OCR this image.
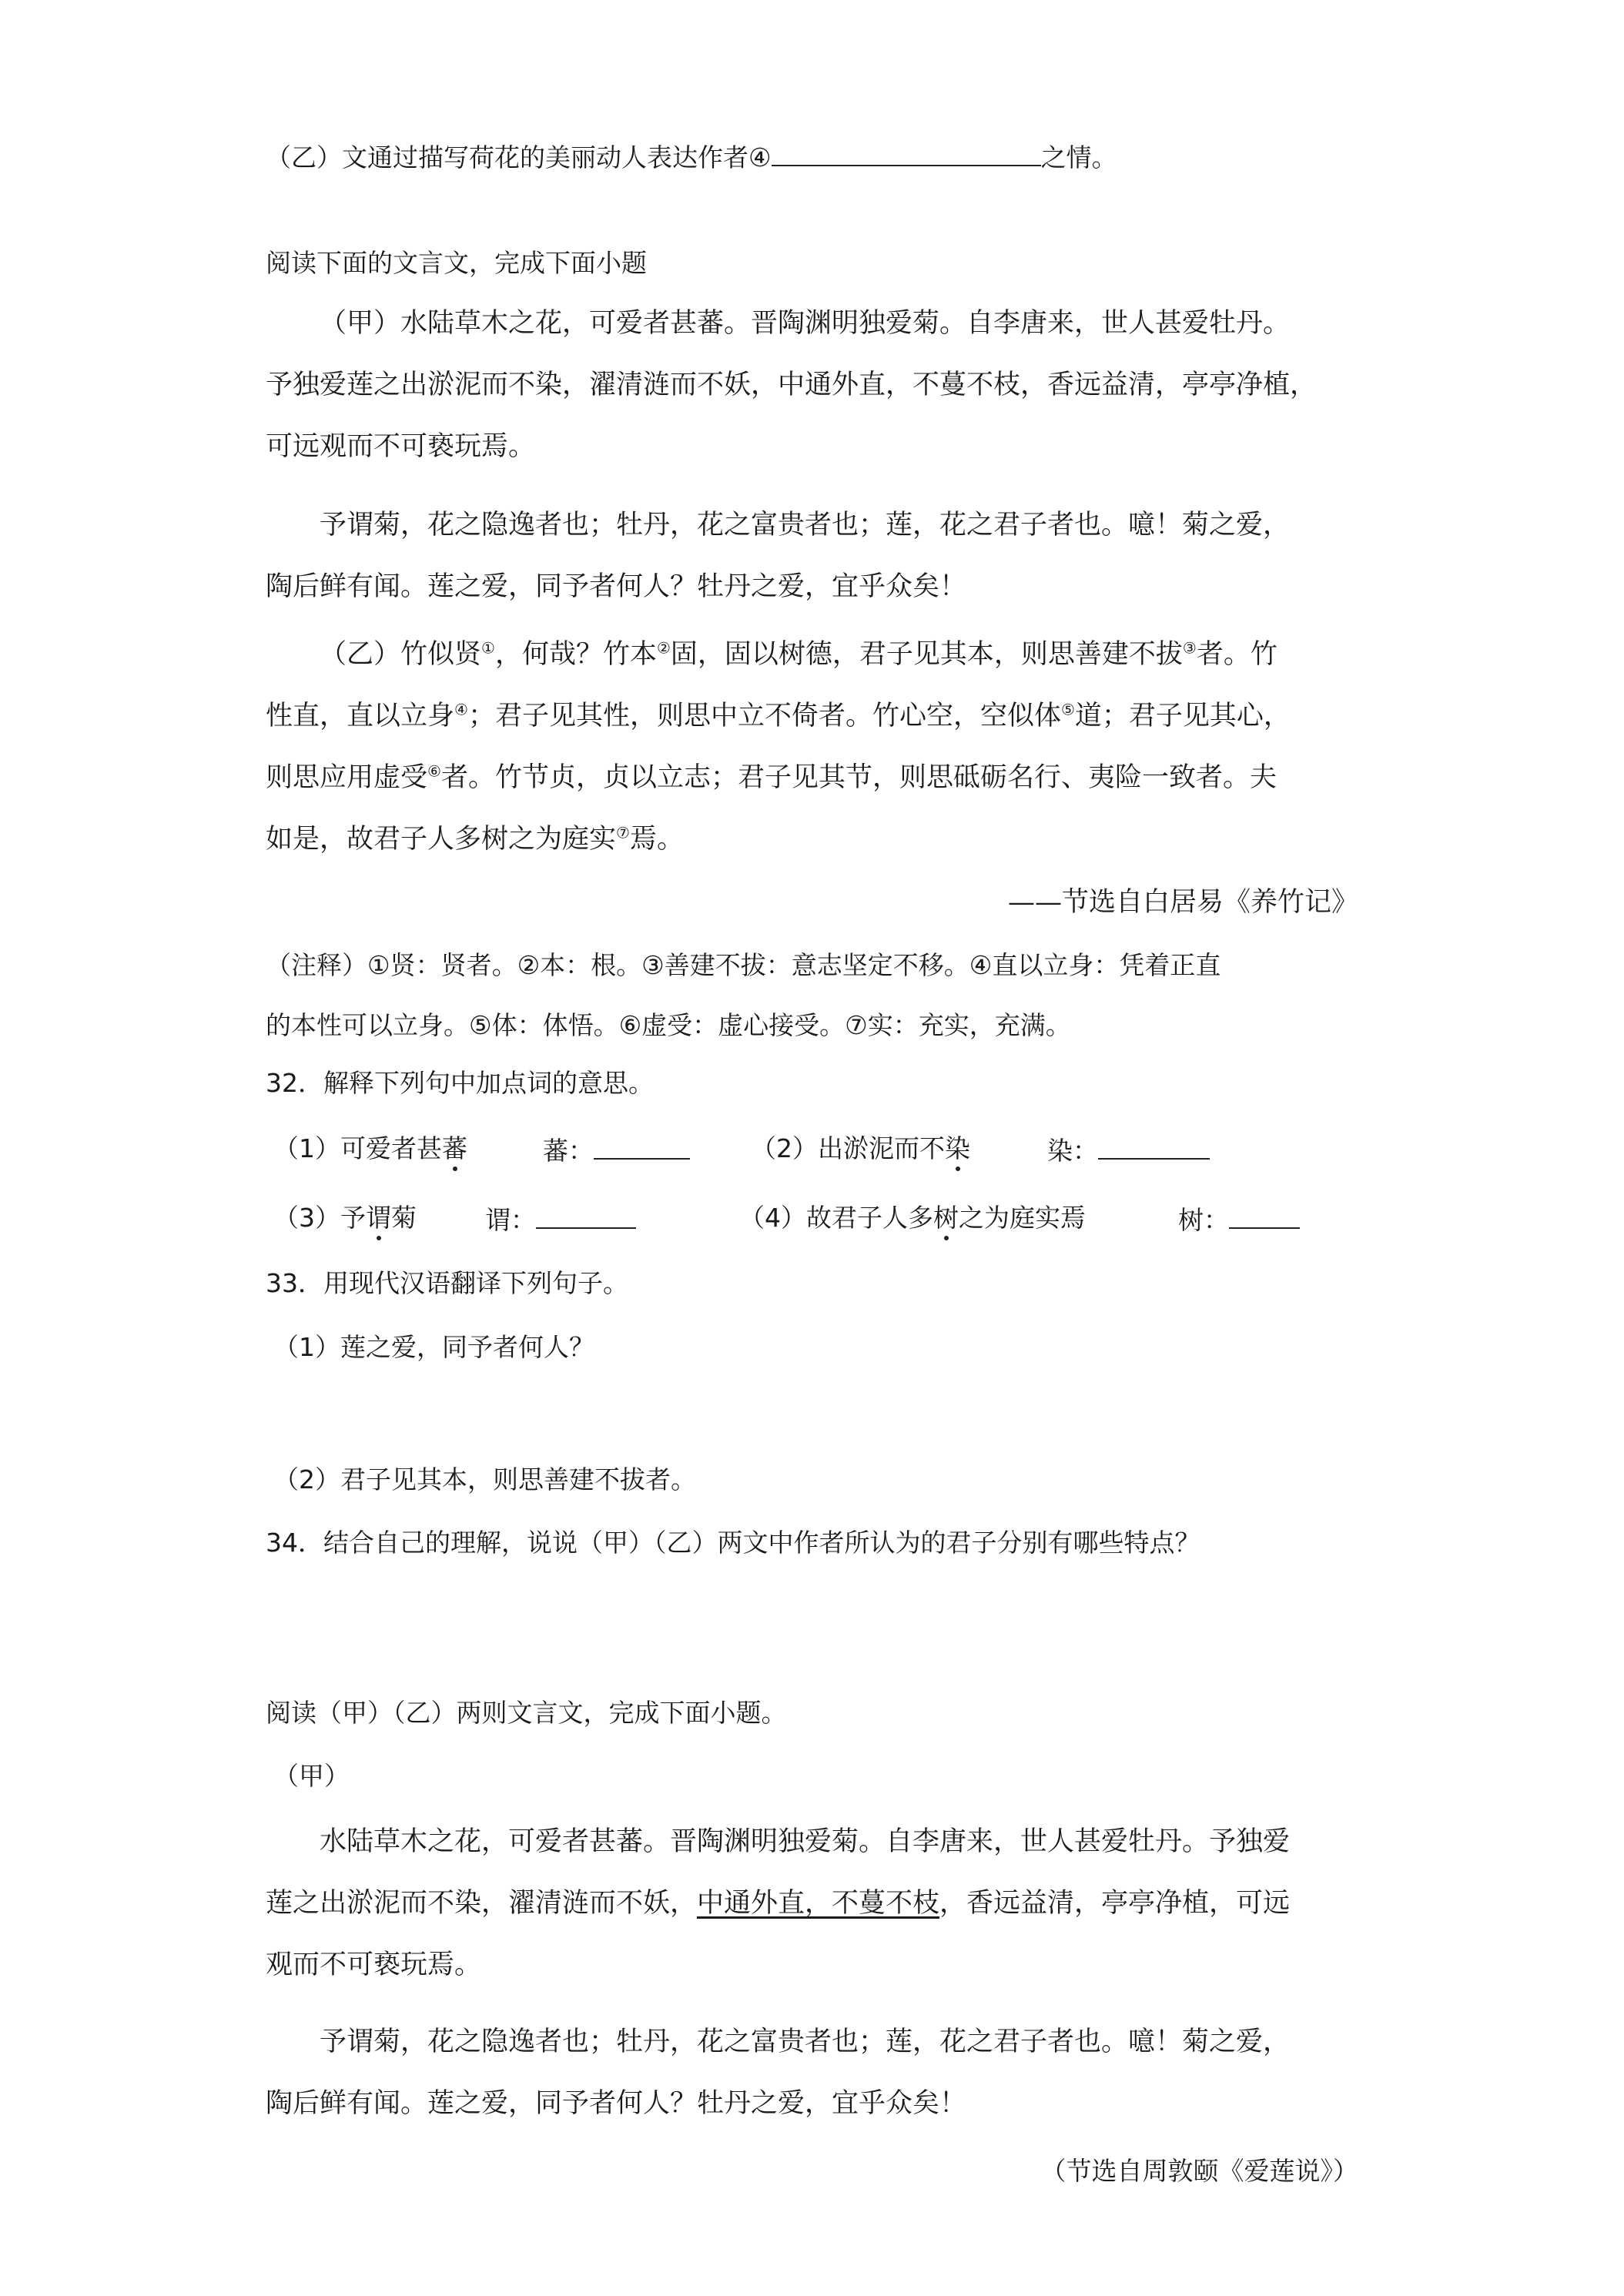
（乙）文通过描写荷花的美丽动人表达作者④	之情。
阅读下面的文言文，完成下面小题
（甲）水陆草木之花，可爱者甚蕃。晋陶渊明独爱菊。自李唐来，世人甚爱牡丹。
予独爱莲之出淤泥而不染，濯清涟而不妖，中通外直，不蔓不枝，香远益清，亭亭净植，
可远观而不可亵玩焉。
予谓菊，花之隐逸者也；牡丹，花之富贵者也；莲，花之君子者也。噫！菊之爱，
陶后鲜有闻。莲之爱，同予者何人？牡丹之爱，宜乎众矣！
（乙）竹似贤①，何哉？竹本②固，固以树德，君子见其本，则思善建不拔③者。竹
性直，直以立身④；君子见其性，则思中立不倚者。竹心空，空似体⑤道；君子见其心，
则思应用虚受⑥者。竹节贞，贞以立志；君子见其节，则思砥砺名行、夷险一致者。夫
如是，故君子人多树之为庭实⑦焉。
——节选自白居易《养竹记》
（注释）①贤：贤者。②本：根。③善建不拔：意志坚定不移。④直以立身：凭着正直
的本性可以立身。⑤体：体悟。⑥虚受：虚心接受。⑦实：充实，充满。
32．解释下列句中加点词的意思。
（1）可爱者甚蕃	蕃：	（2）出淤泥而不染	染：
（3）予谓菊	谓：	（4）故君子人多树之为庭实焉	树：
33．用现代汉语翻译下列句子。
（1）莲之爱，同予者何人？
（2）君子见其本，则思善建不拔者。
34．结合自己的理解，说说（甲）（乙）两文中作者所认为的君子分别有哪些特点？
阅读（甲）（乙）两则文言文，完成下面小题。
（甲）
水陆草木之花，可爱者甚蕃。晋陶渊明独爱菊。自李唐来，世人甚爱牡丹。予独爱
莲之出淤泥而不染，濯清涟而不妖，中通外直，不蔓不枝，香远益清，亭亭净植，可远
观而不可亵玩焉。
予谓菊，花之隐逸者也；牡丹，花之富贵者也；莲，花之君子者也。噫！菊之爱，
陶后鲜有闻。莲之爱，同予者何人？牡丹之爱，宜乎众矣！
（节选自周敦颐《爱莲说》）
